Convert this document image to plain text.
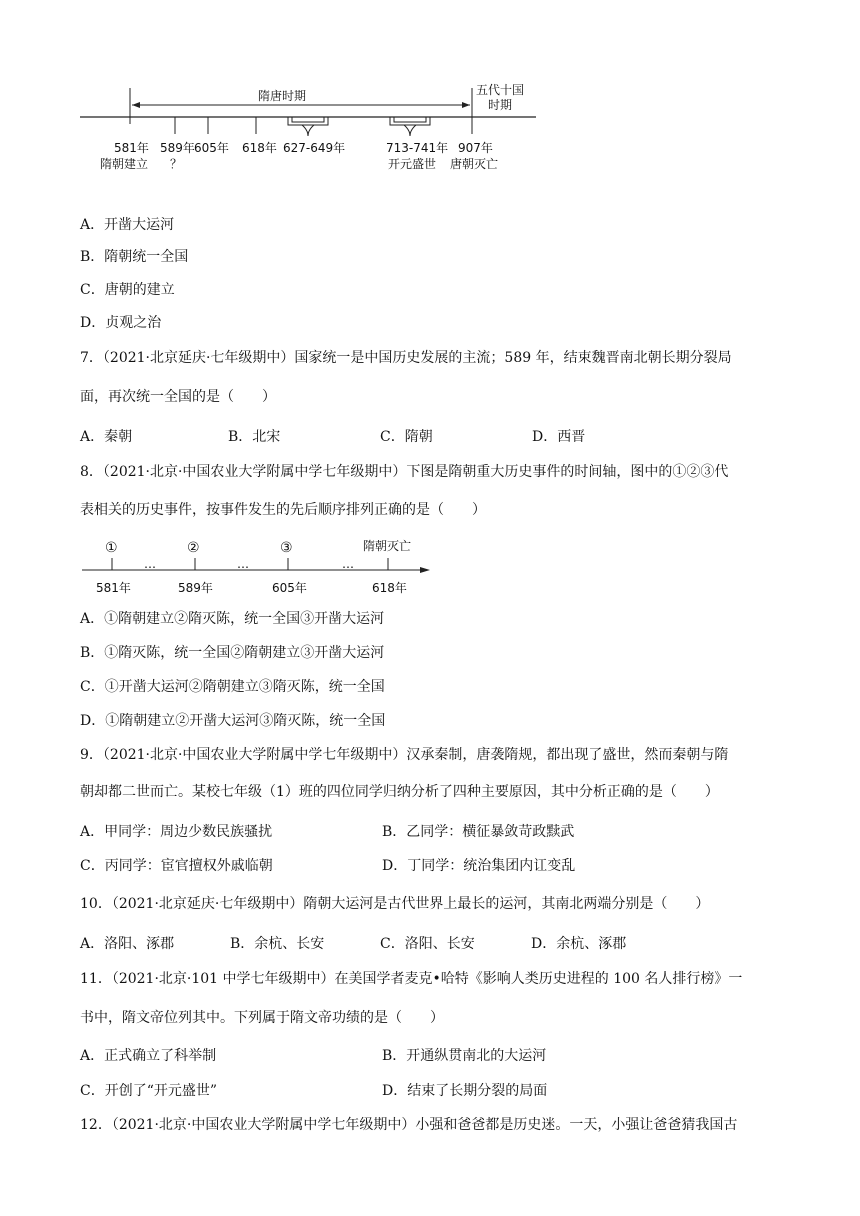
隋唐时期	五代十国
时期
581年
隋朝建立
589年
？
605年 618年 627-649年	713-741年
开元盛世
907年
唐朝灭亡
A．开凿大运河
B．隋朝统一全国
C．唐朝的建立
D．贞观之治
7．（2021·北京延庆·七年级期中）国家统一是中国历史发展的主流；589 年，结束魏晋南北朝长期分裂局
面，再次统一全国的是（　　）
A．秦朝	B．北宋	C．隋朝	D．西晋
8．（2021·北京·中国农业大学附属中学七年级期中）下图是隋朝重大历史事件的时间轴，图中的①②③代
表相关的历史事件，按事件发生的先后顺序排列正确的是（　　）
①	②	③	隋朝灭亡
…	…	…
581年	589年	605年	618年
A．①隋朝建立②隋灭陈，统一全国③开凿大运河
B．①隋灭陈，统一全国②隋朝建立③开凿大运河
C．①开凿大运河②隋朝建立③隋灭陈，统一全国
D．①隋朝建立②开凿大运河③隋灭陈，统一全国
9．（2021·北京·中国农业大学附属中学七年级期中）汉承秦制，唐袭隋规，都出现了盛世，然而秦朝与隋
朝却都二世而亡。某校七年级（1）班的四位同学归纳分析了四种主要原因，其中分析正确的是（　　）
A．甲同学：周边少数民族骚扰	B．乙同学：横征暴敛苛政黩武
C．丙同学：宦官擅权外戚临朝	D．丁同学：统治集团内讧变乱
10．（2021·北京延庆·七年级期中）隋朝大运河是古代世界上最长的运河，其南北两端分别是（　　）
A．洛阳、涿郡	B．余杭、长安	C．洛阳、长安	D．余杭、涿郡
11．（2021·北京·101 中学七年级期中）在美国学者麦克•哈特《影响人类历史进程的 100 名人排行榜》一
书中，隋文帝位列其中。下列属于隋文帝功绩的是（　　）
A．正式确立了科举制	B．开通纵贯南北的大运河
C．开创了“开元盛世”	D．结束了长期分裂的局面
12．（2021·北京·中国农业大学附属中学七年级期中）小强和爸爸都是历史迷。一天，小强让爸爸猜我国古
